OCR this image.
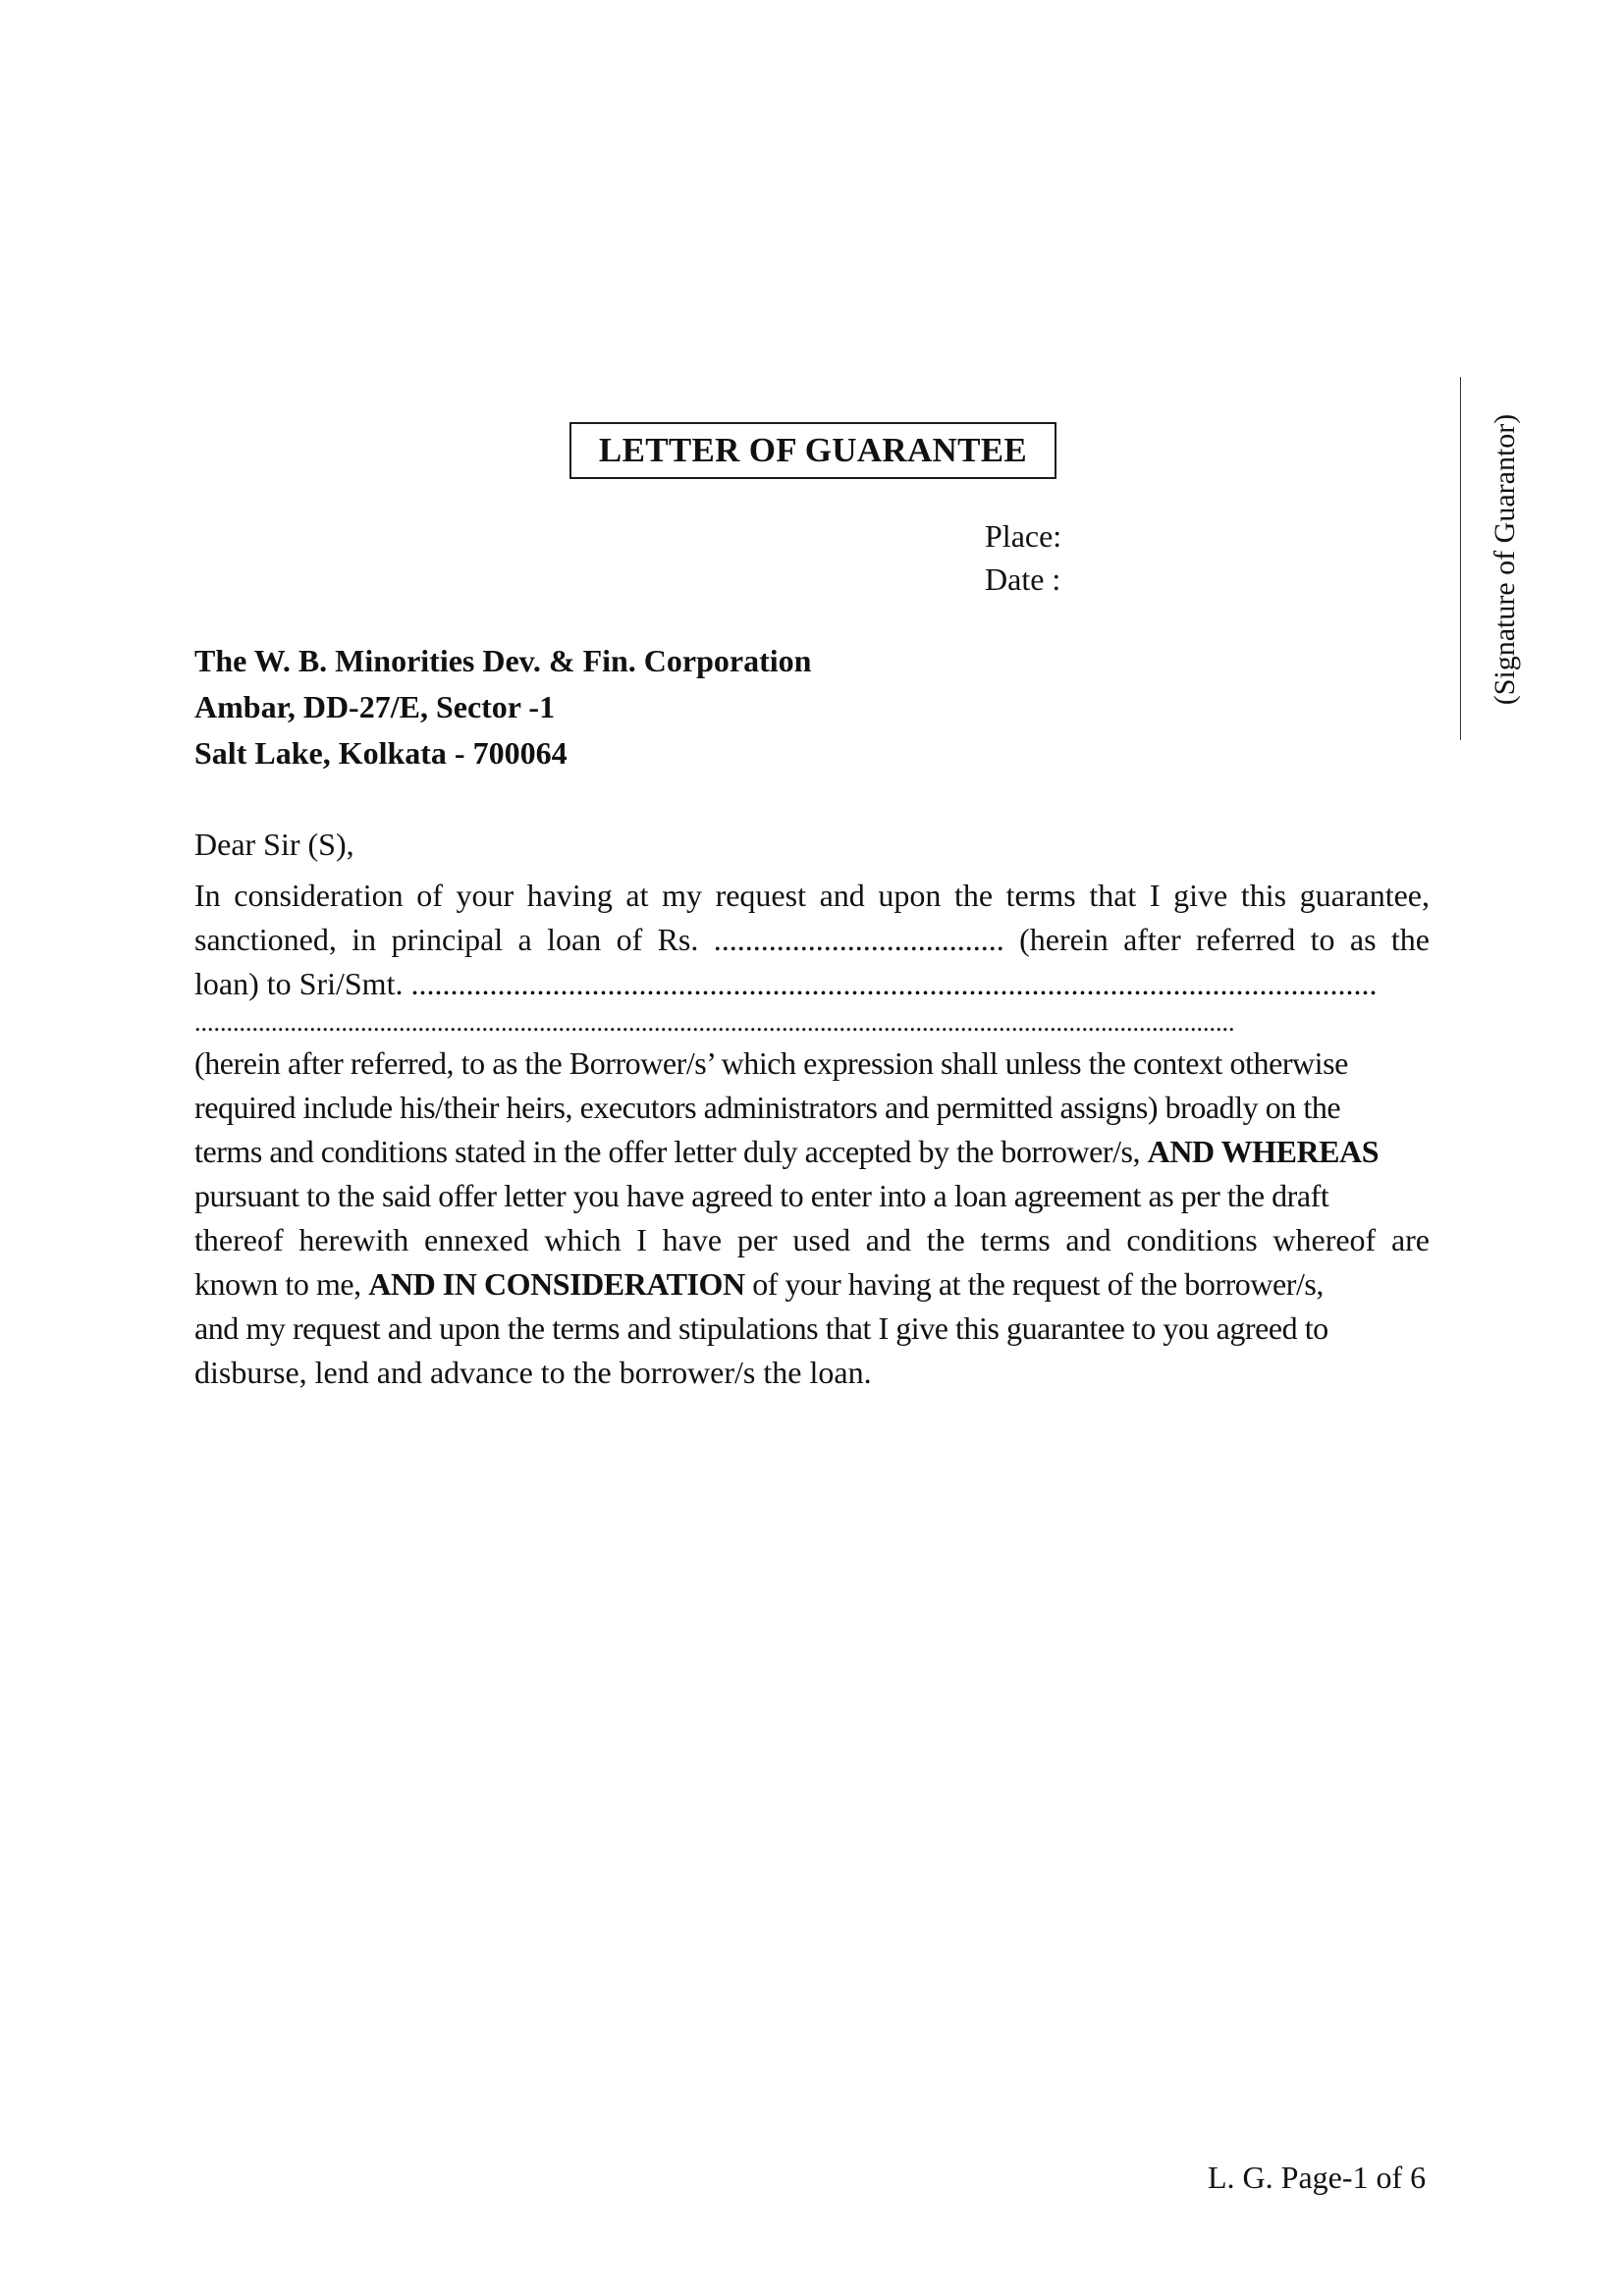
LETTER OF GUARANTEE
Place:
Date :
The W. B. Minorities Dev. & Fin. Corporation
Ambar, DD-27/E, Sector -1
Salt Lake, Kolkata - 700064
Dear Sir (S),
In consideration of your having at my request and upon the terms that I give this guarantee,
sanctioned, in principal a loan of Rs. ..................................... (herein after referred to as the
loan) to Sri/Smt. ...........................................................................................................................
...................................................................................................................................................................
(herein after referred, to as the Borrower/s’ which expression shall unless the context otherwise
required include his/their heirs, executors administrators and permitted assigns) broadly on the
terms and conditions stated in the offer letter duly accepted by the borrower/s, AND WHEREAS
pursuant to the said offer letter you have agreed to enter into a loan agreement as per the draft
thereof herewith ennexed which I have per used and the terms and conditions whereof are
known to me, AND IN CONSIDERATION of your having at the request of the borrower/s,
and my request and upon the terms and stipulations that I give this guarantee to you agreed to
disburse, lend and advance to the borrower/s the loan.
(Signature of Guarantor)
L. G. Page-1 of 6
